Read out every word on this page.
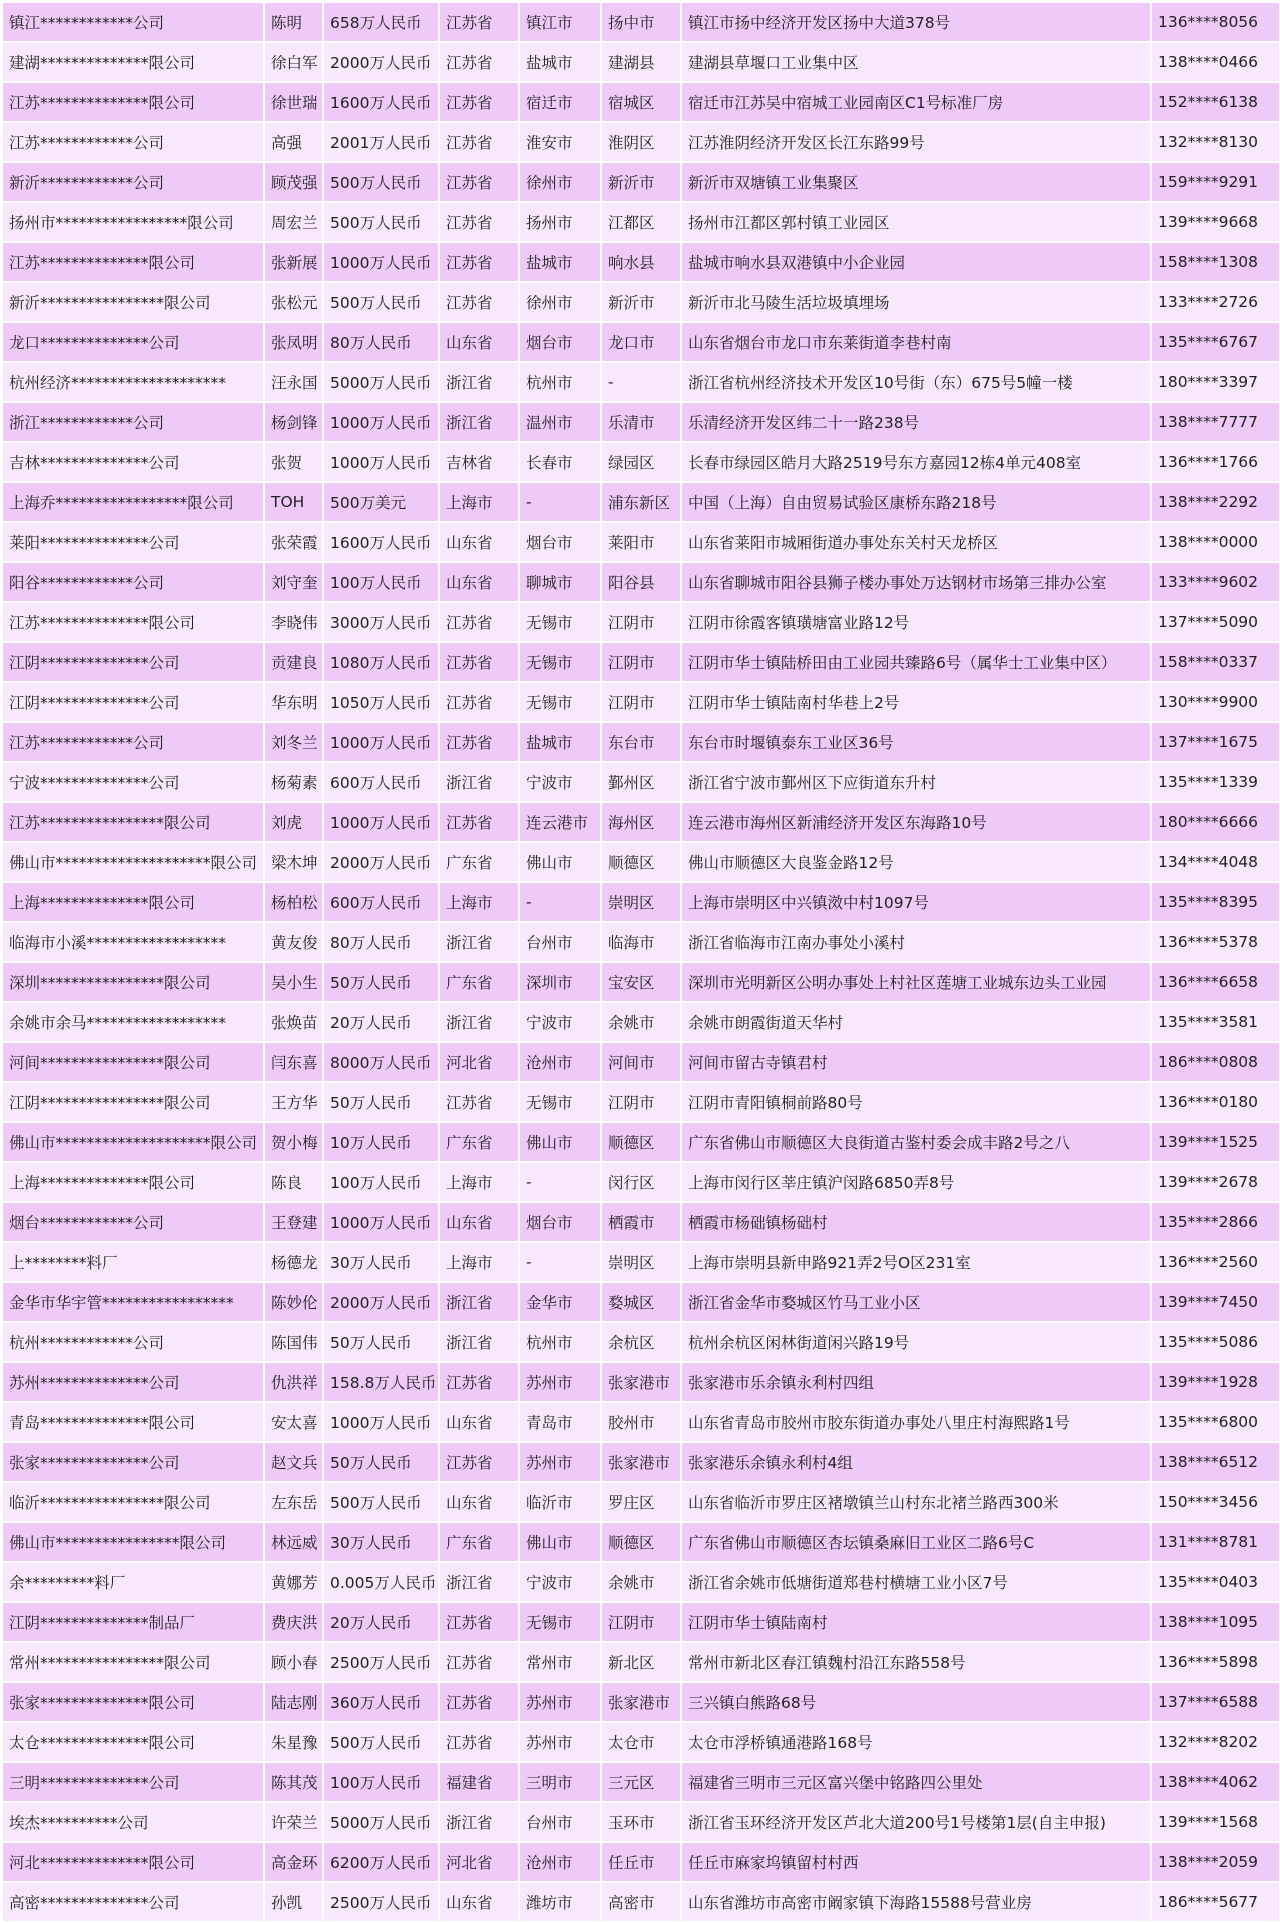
镇江************公司	陈明	658万人民币	江苏省	镇江市	扬中市	镇江市扬中经济开发区扬中大道378号	136****8056
建湖**************限公司	徐白军	2000万人民币	江苏省	盐城市	建湖县	建湖县草堰口工业集中区	138****0466
江苏**************限公司	徐世瑞	1600万人民币	江苏省	宿迁市	宿城区	宿迁市江苏吴中宿城工业园南区C1号标准厂房	152****6138
江苏************公司	高强	2001万人民币	江苏省	淮安市	淮阴区	江苏淮阴经济开发区长江东路99号	132****8130
新沂************公司	顾茂强	500万人民币	江苏省	徐州市	新沂市	新沂市双塘镇工业集聚区	159****9291
扬州市*****************限公司	周宏兰	500万人民币	江苏省	扬州市	江都区	扬州市江都区郭村镇工业园区	139****9668
江苏**************限公司	张新展	1000万人民币	江苏省	盐城市	响水县	盐城市响水县双港镇中小企业园	158****1308
新沂****************限公司	张松元	500万人民币	江苏省	徐州市	新沂市	新沂市北马陵生活垃圾填埋场	133****2726
龙口**************公司	张凤明	80万人民币	山东省	烟台市	龙口市	山东省烟台市龙口市东莱街道李巷村南	135****6767
杭州经济********************	汪永国	5000万人民币	浙江省	杭州市	-	浙江省杭州经济技术开发区10号街（东）675号5幢一楼	180****3397
浙江************公司	杨剑锋	1000万人民币	浙江省	温州市	乐清市	乐清经济开发区纬二十一路238号	138****7777
吉林**************公司	张贺	1000万人民币	吉林省	长春市	绿园区	长春市绿园区皓月大路2519号东方嘉园12栋4单元408室	136****1766
上海乔*****************限公司	TOH	500万美元	上海市	-	浦东新区	中国（上海）自由贸易试验区康桥东路218号	138****2292
莱阳**************公司	张荣霞	1600万人民币	山东省	烟台市	莱阳市	山东省莱阳市城厢街道办事处东关村天龙桥区	138****0000
阳谷************公司	刘守奎	100万人民币	山东省	聊城市	阳谷县	山东省聊城市阳谷县狮子楼办事处万达钢材市场第三排办公室	133****9602
江苏**************限公司	李晓伟	3000万人民币	江苏省	无锡市	江阴市	江阴市徐霞客镇璜塘富业路12号	137****5090
江阴**************公司	贡建良	1080万人民币	江苏省	无锡市	江阴市	江阴市华士镇陆桥田由工业园共臻路6号（属华士工业集中区）	158****0337
江阴**************公司	华东明	1050万人民币	江苏省	无锡市	江阴市	江阴市华士镇陆南村华巷上2号	130****9900
江苏************公司	刘冬兰	1000万人民币	江苏省	盐城市	东台市	东台市时堰镇泰东工业区36号	137****1675
宁波**************公司	杨菊素	600万人民币	浙江省	宁波市	鄞州区	浙江省宁波市鄞州区下应街道东升村	135****1339
江苏****************限公司	刘虎	1000万人民币	江苏省	连云港市	海州区	连云港市海州区新浦经济开发区东海路10号	180****6666
佛山市********************限公司	梁木坤	2000万人民币	广东省	佛山市	顺德区	佛山市顺德区大良鉴金路12号	134****4048
上海**************限公司	杨柏松	600万人民币	上海市	-	崇明区	上海市崇明区中兴镇滧中村1097号	135****8395
临海市小溪******************	黄友俊	80万人民币	浙江省	台州市	临海市	浙江省临海市江南办事处小溪村	136****5378
深圳****************限公司	吴小生	50万人民币	广东省	深圳市	宝安区	深圳市光明新区公明办事处上村社区莲塘工业城东边头工业园	136****6658
余姚市余马******************	张焕苗	20万人民币	浙江省	宁波市	余姚市	余姚市朗霞街道天华村	135****3581
河间****************限公司	闫东喜	8000万人民币	河北省	沧州市	河间市	河间市留古寺镇君村	186****0808
江阴****************限公司	王方华	50万人民币	江苏省	无锡市	江阴市	江阴市青阳镇桐前路80号	136****0180
佛山市********************限公司	贺小梅	10万人民币	广东省	佛山市	顺德区	广东省佛山市顺德区大良街道古鉴村委会成丰路2号之八	139****1525
上海**************限公司	陈良	100万人民币	上海市	-	闵行区	上海市闵行区莘庄镇沪闵路6850弄8号	139****2678
烟台************公司	王登建	1000万人民币	山东省	烟台市	栖霞市	栖霞市杨础镇杨础村	135****2866
上********料厂	杨德龙	30万人民币	上海市	-	崇明区	上海市崇明县新申路921弄2号O区231室	136****2560
金华市华宇管*****************	陈妙伦	2000万人民币	浙江省	金华市	婺城区	浙江省金华市婺城区竹马工业小区	139****7450
杭州************公司	陈国伟	50万人民币	浙江省	杭州市	余杭区	杭州余杭区闲林街道闲兴路19号	135****5086
苏州**************公司	仇洪祥	158.8万人民币	江苏省	苏州市	张家港市	张家港市乐余镇永利村四组	139****1928
青岛**************限公司	安太喜	1000万人民币	山东省	青岛市	胶州市	山东省青岛市胶州市胶东街道办事处八里庄村海熙路1号	135****6800
张家**************公司	赵文兵	50万人民币	江苏省	苏州市	张家港市	张家港乐余镇永利村4组	138****6512
临沂****************限公司	左东岳	500万人民币	山东省	临沂市	罗庄区	山东省临沂市罗庄区褚墩镇兰山村东北褚兰路西300米	150****3456
佛山市****************限公司	林远威	30万人民币	广东省	佛山市	顺德区	广东省佛山市顺德区杏坛镇桑麻旧工业区二路6号C	131****8781
余*********料厂	黄娜芳	0.005万人民币	浙江省	宁波市	余姚市	浙江省余姚市低塘街道郑巷村横塘工业小区7号	135****0403
江阴**************制品厂	费庆洪	20万人民币	江苏省	无锡市	江阴市	江阴市华士镇陆南村	138****1095
常州****************限公司	顾小春	2500万人民币	江苏省	常州市	新北区	常州市新北区春江镇魏村沿江东路558号	136****5898
张家**************限公司	陆志刚	360万人民币	江苏省	苏州市	张家港市	三兴镇白熊路68号	137****6588
太仓**************限公司	朱星豫	500万人民币	江苏省	苏州市	太仓市	太仓市浮桥镇通港路168号	132****8202
三明**************公司	陈其茂	100万人民币	福建省	三明市	三元区	福建省三明市三元区富兴堡中铭路四公里处	138****4062
埃杰**********公司	许荣兰	5000万人民币	浙江省	台州市	玉环市	浙江省玉环经济开发区芦北大道200号1号楼第1层(自主申报)	139****1568
河北**************限公司	高金环	6200万人民币	河北省	沧州市	任丘市	任丘市麻家坞镇留村村西	138****2059
高密**************公司	孙凯	2500万人民币	山东省	潍坊市	高密市	山东省潍坊市高密市阚家镇下海路15588号营业房	186****5677
